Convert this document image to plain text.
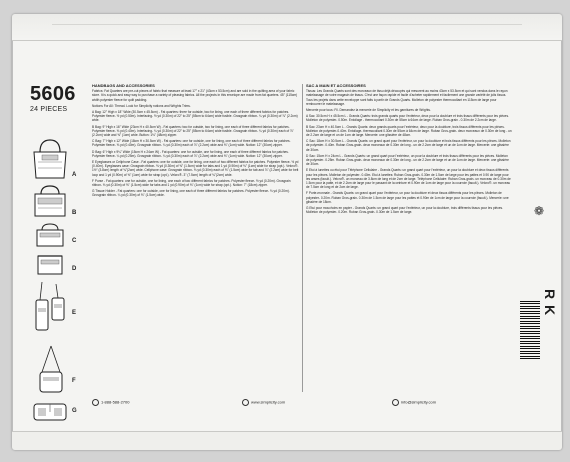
5606
24 PIECES
A
B
C
D
E
F
G
HANDBAGS AND ACCESSORIES
Fabrics: Fat Quarters are pre-cut pieces of fabric that measure at least 17" x 21" (43cm x 53.5cm) and are sold in the quilting area of your fabric store. It is a quick and easy way to purchase a variety of pleasing fabrics. All the projects in this envelope are made from fat quarters. 45" (115cm) width polyester fleece for quilt padding.
Notions For All: Thread. Look for Simplicity notions and Wrights Trims.
A Bag: 12" High x 18" Wide (30.5cm x 45.5cm) - Fat quarters: three for outside, two for lining, one each of three different fabrics for patches. Polyester fleece- ½ yd (0.50m). Interfacing- ½ yd (0.30m) of 22" to 25" (55cm to 64cm) wide fusible. Grosgrain ribbon- ¼ yd (0.30m) of ⅞" (2.2cm) wide.
B Bag: 9" High x 16" Wide (23cm H x 40.5cm W) - Fat quarters: two for outside, two for lining, one each of three different fabrics for patches. Polyester fleece- ⅜ yd (0.40m). Interfacing- ¼ yd (0.30m) of 22" to 25" (55cm to 64cm) wide fusible. Grosgrain ribbon- ¼ yd (0.30m) each of ⅞" (2.2cm) wide and ⅜" (1cm) wide. Button: 1⅛" (48cm) zipper.
C Bag: 7" High x 12" Wide (18cm H x 30.5cm W) - Fat quarters: one for outside, one for lining, one each of three different fabrics for patches. Polyester fleece- ⅜ yd (0.40m). Grosgrain ribbon- ¼ yd (0.30m) each of ⅞" (2.2cm) wide and ⅜" (1cm) wide. Notion: 12" (30cm) zipper.
D Bag: 6" High x 9¼" Wide (15cm H x 24cm W) - Fat quarters: one for outside, one for lining, one each of three different fabrics for patches. Polyester fleece- ¼ yd (0.25m). Grosgrain ribbon- ¼ yd (0.30m) each of ⅞" (2.2cm) wide and ⅜" (1cm) wide. Notion: 12" (30cm) zipper.
E Eyeglasses or Cellphone Case - Fat quarters: one for outside, one for lining, one each of two different fabrics for patches. Polyester fleece- ½ yd (0.40m). Eyeglasses case: Grosgrain ribbon- ⅜ yd (0.30m) of ⅝" (1.5cm) wide for tabs and 1 yd (0.90m) of ⅜" (1cm) wide for strap (opt.). Velcro®- 1½" (3.8cm) length of ¾"(2cm) wide. Cellphone case: Grosgrain ribbon- ⅜ yd (0.30m) each of ⅝" (1.5cm) wide for tab and ⅞" (2.2cm) wide for belt loop and 1 yd (0.90m) of ⅜" (1cm) wide for strap (opt.). Velcro®- 3" (7.5cm) length of ¾"(2cm) wide.
F Purse - Fat quarters: one for outside, one for lining, one each of two different fabrics for patches. Polyester fleece- ½ yd (0.20m). Grosgrain ribbon- ⅜ yd (0.30m) of ⅝" (1.5cm) wide for tabs and 1 yd (0.90m) of ⅜" (1cm) wide for strap (opt.). Notion: 7" (18cm) zipper.
G Tissue Holder - Fat quarters: one for outside, one for lining, one each of three different fabrics for patches. Polyester fleece- ⅛ yd (0.20m). Grosgrain ribbon- ¼ yd (0.30m) of ⅝" (1.5cm) wide.
SAC A MAIN ET ACCESSOIRES
Tissus: Les Grands Quarts sont des morceaux de tissu déjà découpés qui mesurent au moins 43cm x 53.5cm et qui sont vendus dans le rayon matelassage de votre magasin de tissus. C'est une façon rapide et facile d'acheter rapidement et facilement une grande variété de jolis tissus. Tous les projets dans cette enveloppe sont faits à partir de Grands Quarts. Molleton de polyester thermocollant en 115cm de large pour rembourrer le matelassage.
Mercerie pour tous: Fil. Demandez la mercerie de Simplicity et les garnitures de Wrights.
A Sac: 30.5cm H x 45.5cm L - Grands Quarts: trois grands quarts pour l'extérieur, deux pour la doublure et trois tissus différents pour les pièces. Molleton de polyester- 0.50m. Entoilage - thermocollant 0.30m de 55cm à 64cm de large. Ruban Gros-grain - 0.30m de 2.2cm de large.
B Sac: 23cm H x 40.5cm L - Grands Quarts: deux grands quarts pour l'extérieur, deux pour la doublure, trois tissus différents pour les pièces. Molleton de polyester-0.40m. Entoilage- thermocollant 0.30m de 55cm à 64cm de large. Ruban Gros-grain- deux morceaux de 0.30m de long - un de 2.2cm de large et un de 1cm de large. Mercerie: une glissière de 48cm.
C Sac: 18cm H x 30.5cm L - Grands Quarts: un grand quart pour l'extérieur, un pour la doublure et trois tissus différents pour les pièces. Molleton de polyester- 0.40m. Ruban Gros-grain- deux morceaux de 0.30m de long - un de 2.2cm de large et un de 1cm de large. Mercerie: une glissière de 30cm.
D Sac: 15cm H x 24cm L - Grands Quarts: un grand quart pour l'extérieur, un pour la doublure et trois tissus différents pour les pièces. Molleton de polyester- 0.25m. Ruban Gros-grain- deux morceaux de 0.30m de long - un de 2.2cm de large et un de 1cm de large. Mercerie: une glissière de 30cm.
E Etui à lunettes ou étui pour Téléphone Cellulaire - Grands Quarts: un grand quart pour l'extérieur, un pour la doublure et deux tissus différents pour les pièces. Molleton de polyester- 0.40m. Etui à lunettes: Ruban Gros-grain- 0.30m de 1.5cm de large pour les pattes et 0.90 de large pour les anses (facult.). Velcro®- un morceau de 3.8cm de long et de 2cm de large. Téléphone Cellulaire: Ruban Gros-grain- un morceau de 0.30m de 1.5cm pour la patte, et de 2.2cm de large pour le passant de la ceinture et 0.90m de 1cm de large pour la courroie (facult.). Velcro®- un morceau de 7.5cm de long et de 2cm de large.
F Porte-monnaie - Grands Quarts: un grand quart pour l'extérieur, un pour la doublure et deux tissus différents pour les pièces. Molleton de polyester- 0.20m. Ruban Gros-grain- 0.30m de 1.5cm de large pour les pattes et 0.90m de 1cm de large pour la courroie (facult.). Mercerie: une glissière de 18cm.
G Etui pour mouchoirs en papier - Grands Quarts: un grand quart pour l'extérieur, un pour la doublure, trois différents tissus pour les pièces. Molleton de polyester- 0.20m. Ruban Gros-grain- 0.30m de 1.5cm de large.	❁
R K
1-888-588-2700	www.simplicity.com	info@simplicity.com
